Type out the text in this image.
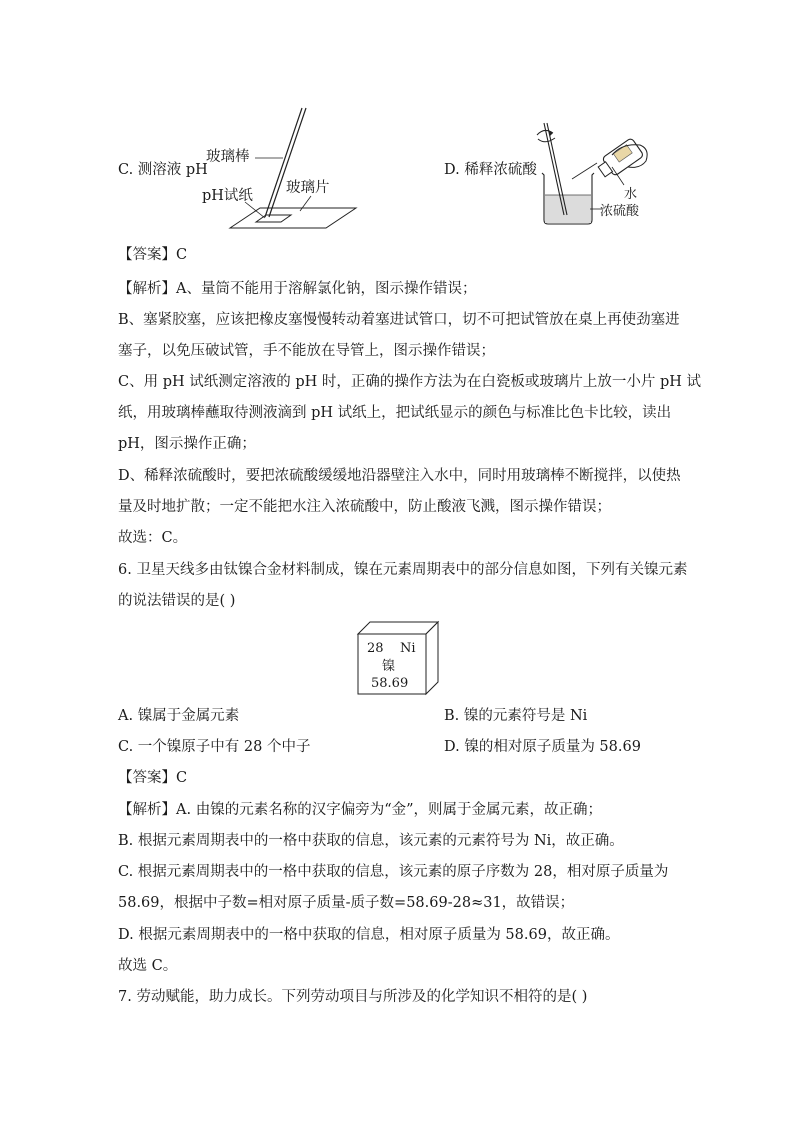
C. 测溶液 pH
玻璃棒
pH试纸 玻璃片
D. 稀释浓硫酸
水
浓硫酸
【答案】C
【解析】A、量筒不能用于溶解氯化钠，图示操作错误；
B、塞紧胶塞，应该把橡皮塞慢慢转动着塞进试管口，切不可把试管放在桌上再使劲塞进
塞子，以免压破试管，手不能放在导管上，图示操作错误；
C、用 pH 试纸测定溶液的 pH 时，正确的操作方法为在白瓷板或玻璃片上放一小片 pH 试
纸，用玻璃棒蘸取待测液滴到 pH 试纸上，把试纸显示的颜色与标准比色卡比较，读出
pH，图示操作正确；
D、稀释浓硫酸时，要把浓硫酸缓缓地沿器壁注入水中，同时用玻璃棒不断搅拌，以使热
量及时地扩散；一定不能把水注入浓硫酸中，防止酸液飞溅，图示操作错误；
故选：C。
6. 卫星天线多由钛镍合金材料制成，镍在元素周期表中的部分信息如图，下列有关镍元素
的说法错误的是( )
28 Ni
镍
58.69
A. 镍属于金属元素	B. 镍的元素符号是 Ni
C. 一个镍原子中有 28 个中子	D. 镍的相对原子质量为 58.69
【答案】C
【解析】A. 由镍的元素名称的汉字偏旁为“金”，则属于金属元素，故正确；
B. 根据元素周期表中的一格中获取的信息，该元素的元素符号为 Ni，故正确。
C. 根据元素周期表中的一格中获取的信息，该元素的原子序数为 28，相对原子质量为
58.69，根据中子数=相对原子质量-质子数=58.69-28≈31，故错误；
D. 根据元素周期表中的一格中获取的信息，相对原子质量为 58.69，故正确。
故选 C。
7. 劳动赋能，助力成长。下列劳动项目与所涉及的化学知识不相符的是( )
